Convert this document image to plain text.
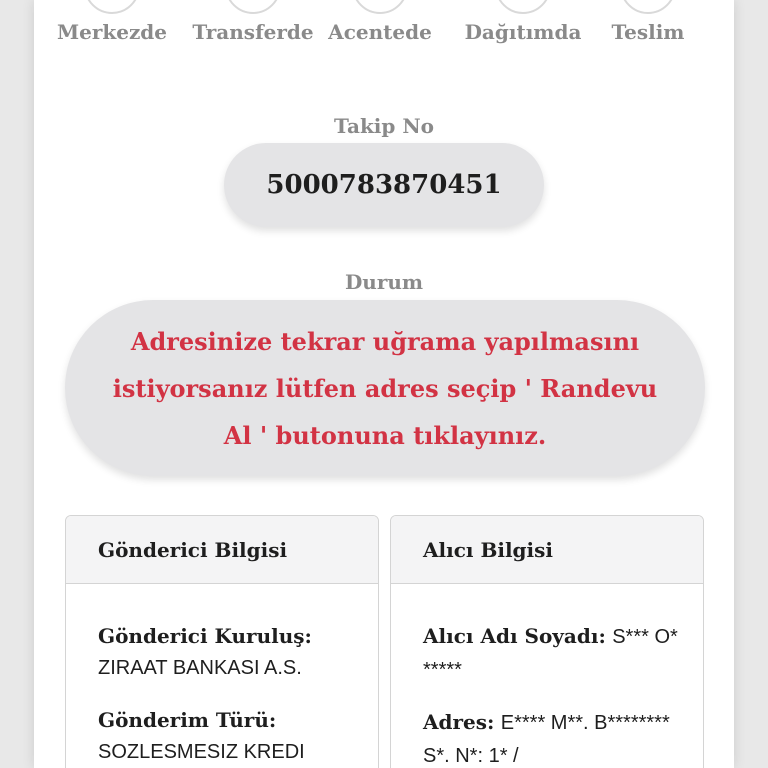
Merkezde	Transferde Acentede	Dağıtımda	Teslim
Takip No
5000783870451
Durum
Adresinize tekrar uğrama yapılmasını istiyorsanız lütfen adres seçip ' Randevu Al ' butonuna tıklayınız.
Gönderici Bilgisi
Gönderici Kuruluş:
ZIRAAT BANKASI A.S.
Gönderim Türü:
SOZLESMESIZ KREDI
Alıcı Bilgisi
Alıcı Adı Soyadı: S*** O******
Adres: E**** M**. B******** S*. N*: 1* /
